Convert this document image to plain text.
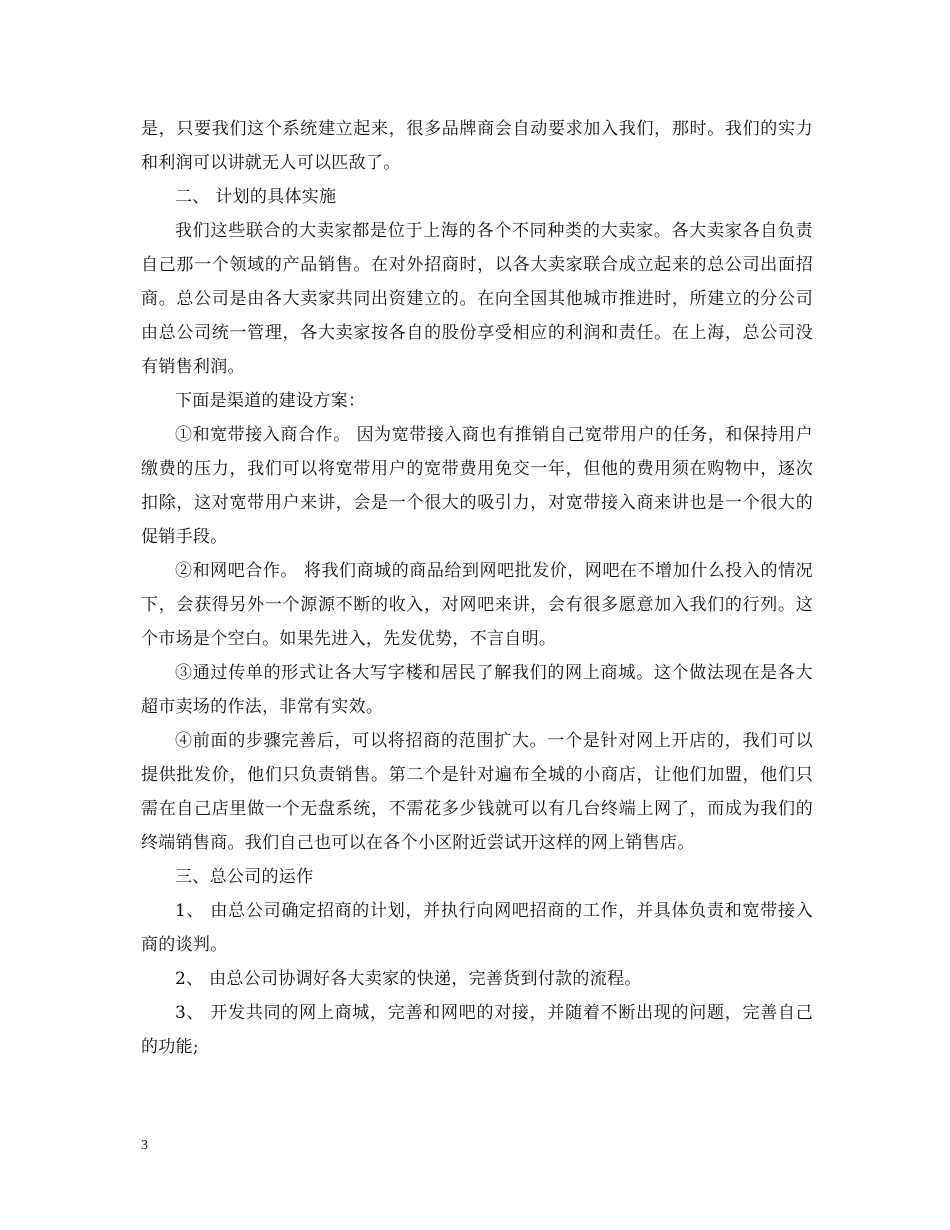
是，只要我们这个系统建立起来，很多品牌商会自动要求加入我们，那时。我们的实力和利润可以讲就无人可以匹敌了。

二、 计划的具体实施

我们这些联合的大卖家都是位于上海的各个不同种类的大卖家。各大卖家各自负责自己那一个领域的产品销售。在对外招商时，以各大卖家联合成立起来的总公司出面招商。总公司是由各大卖家共同出资建立的。在向全国其他城市推进时，所建立的分公司由总公司统一管理，各大卖家按各自的股份享受相应的利润和责任。在上海，总公司没有销售利润。

下面是渠道的建设方案：

①和宽带接入商合作。 因为宽带接入商也有推销自己宽带用户的任务，和保持用户缴费的压力，我们可以将宽带用户的宽带费用免交一年，但他的费用须在购物中，逐次扣除，这对宽带用户来讲，会是一个很大的吸引力，对宽带接入商来讲也是一个很大的促销手段。

②和网吧合作。 将我们商城的商品给到网吧批发价，网吧在不增加什么投入的情况下，会获得另外一个源源不断的收入，对网吧来讲，会有很多愿意加入我们的行列。这个市场是个空白。如果先进入，先发优势，不言自明。

③通过传单的形式让各大写字楼和居民了解我们的网上商城。这个做法现在是各大超市卖场的作法，非常有实效。

④前面的步骤完善后，可以将招商的范围扩大。一个是针对网上开店的，我们可以提供批发价，他们只负责销售。第二个是针对遍布全城的小商店，让他们加盟，他们只需在自己店里做一个无盘系统，不需花多少钱就可以有几台终端上网了，而成为我们的终端销售商。我们自己也可以在各个小区附近尝试开这样的网上销售店。

三、总公司的运作

1、 由总公司确定招商的计划，并执行向网吧招商的工作，并具体负责和宽带接入商的谈判。

2、 由总公司协调好各大卖家的快递，完善货到付款的流程。

3、 开发共同的网上商城，完善和网吧的对接，并随着不断出现的问题，完善自己的功能;

3
